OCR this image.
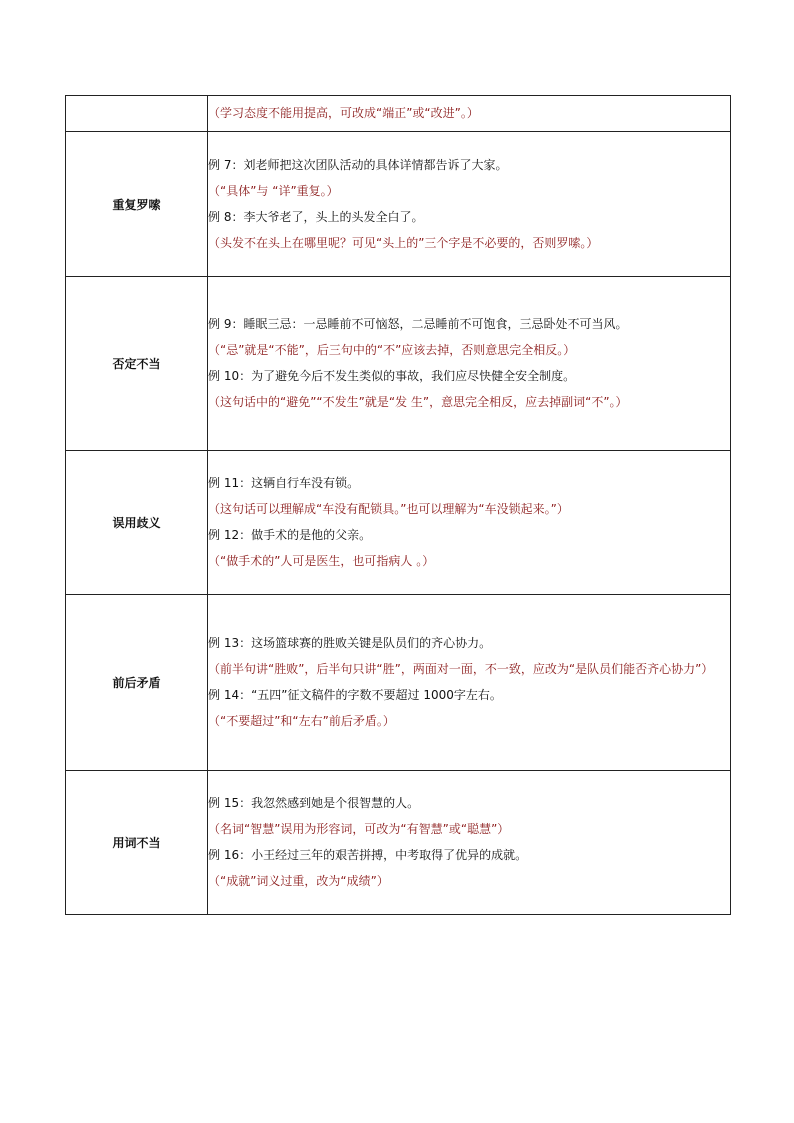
	（学习态度不能用提高，可改成“端正”或“改进”。）

重复罗嗦	例 7：刘老师把这次团队活动的具体详情都告诉了大家。
（“具体”与 “详”重复。）
例 8：李大爷老了，头上的头发全白了。
（头发不在头上在哪里呢？可见“头上的”三个字是不必要的，否则罗嗦。）

否定不当	例 9：睡眠三忌：一忌睡前不可恼怒，二忌睡前不可饱食，三忌卧处不可当风。
（“忌”就是“不能”，后三句中的“不”应该去掉，否则意思完全相反。）
例 10：为了避免今后不发生类似的事故，我们应尽快健全安全制度。
（这句话中的“避免”“不发生”就是“发 生”，意思完全相反，应去掉副词“不”。）

误用歧义	例 11：这辆自行车没有锁。
（这句话可以理解成“车没有配锁具。”也可以理解为“车没锁起来。”）
例 12：做手术的是他的父亲。
（“做手术的”人可是医生，也可指病人 。）

前后矛盾	例 13：这场篮球赛的胜败关键是队员们的齐心协力。
（前半句讲“胜败”，后半句只讲“胜”，两面对一面，不一致，应改为“是队员们能否齐心协力”）
例 14：“五四”征文稿件的字数不要超过 1000字左右。
（“不要超过”和“左右”前后矛盾。）

用词不当	例 15：我忽然感到她是个很智慧的人。
（名词“智慧”误用为形容词，可改为“有智慧”或“聪慧”）
例 16：小王经过三年的艰苦拼搏，中考取得了优异的成就。
（“成就”词义过重，改为“成绩”）
